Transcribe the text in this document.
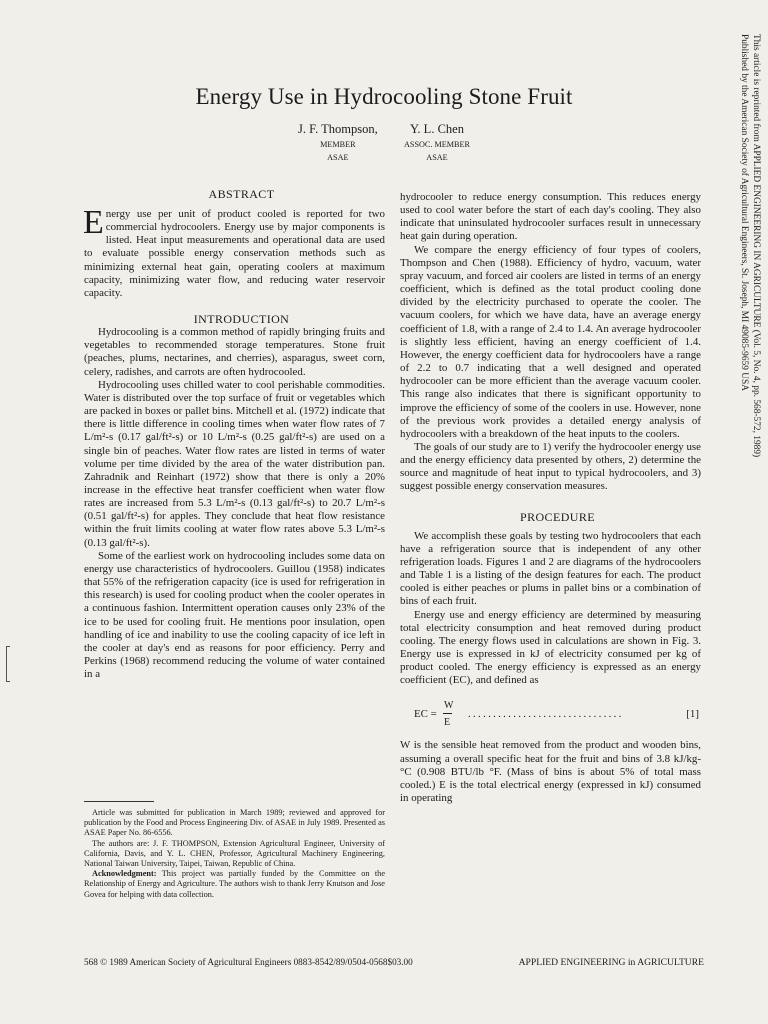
Energy Use in Hydrocooling Stone Fruit
J. F. Thompson,
MEMBER
ASAE
Y. L. Chen
ASSOC. MEMBER
ASAE

ABSTRACT

Energy use per unit of product cooled is reported for two commercial hydrocoolers. Energy use by major components is listed. Heat input measurements and operational data are used to evaluate possible energy conservation methods such as minimizing external heat gain, operating coolers at maximum capacity, minimizing water flow, and reducing water reservoir capacity.

INTRODUCTION

Hydrocooling is a common method of rapidly bringing fruits and vegetables to recommended storage temperatures. Stone fruit (peaches, plums, nectarines, and cherries), asparagus, sweet corn, celery, radishes, and carrots are often hydrocooled.

Hydrocooling uses chilled water to cool perishable commodities. Water is distributed over the top surface of fruit or vegetables which are packed in boxes or pallet bins. Mitchell et al. (1972) indicate that there is little difference in cooling times when water flow rates of 7 L/m²-s (0.17 gal/ft²-s) or 10 L/m²-s (0.25 gal/ft²-s) are used on a single bin of peaches. Water flow rates are listed in terms of water volume per time divided by the area of the water distribution pan. Zahradnik and Reinhart (1972) show that there is only a 20% increase in the effective heat transfer coefficient when water flow rates are increased from 5.3 L/m²-s (0.13 gal/ft²-s) to 20.7 L/m²-s (0.51 gal/ft²-s) for apples. They conclude that heat flow resistance within the fruit limits cooling at water flow rates above 5.3 L/m²-s (0.13 gal/ft²-s).

Some of the earliest work on hydrocooling includes some data on energy use characteristics of hydrocoolers. Guillou (1958) indicates that 55% of the refrigeration capacity (ice is used for refrigeration in this research) is used for cooling product when the cooler operates in a continuous fashion. Intermittent operation causes only 23% of the ice to be used for cooling fruit. He mentions poor insulation, open handling of ice and inability to use the cooling capacity of ice left in the cooler at day's end as reasons for poor efficiency. Perry and Perkins (1968) recommend reducing the volume of water contained in a

Article was submitted for publication in March 1989; reviewed and approved for publication by the Food and Process Engineering Div. of ASAE in July 1989. Presented as ASAE Paper No. 86-6556.

The authors are: J. F. THOMPSON, Extension Agricultural Engineer, University of California, Davis, and Y. L. CHEN, Professor, Agricultural Machinery Engineering, National Taiwan University, Taipei, Taiwan, Republic of China.

Acknowledgment: This project was partially funded by the Committee on the Relationship of Energy and Agriculture. The authors wish to thank Jerry Knutson and Jose Govea for helping with data collection.

hydrocooler to reduce energy consumption. This reduces energy used to cool water before the start of each day's cooling. They also indicate that uninsulated hydrocooler surfaces result in unnecessary heat gain during operation.

We compare the energy efficiency of four types of coolers, Thompson and Chen (1988). Efficiency of hydro, vacuum, water spray vacuum, and forced air coolers are listed in terms of an energy coefficient, which is defined as the total product cooling done divided by the electricity purchased to operate the cooler. The vacuum coolers, for which we have data, have an average energy coefficient of 1.8, with a range of 2.4 to 1.4. An average hydrocooler is slightly less efficient, having an energy coefficient of 1.4. However, the energy coefficient data for hydrocoolers have a range of 2.2 to 0.7 indicating that a well designed and operated hydrocooler can be more efficient than the average vacuum cooler. This range also indicates that there is significant opportunity to improve the efficiency of some of the coolers in use. However, none of the previous work provides a detailed energy analysis of hydrocoolers with a breakdown of the heat inputs to the coolers.

The goals of our study are to 1) verify the hydrocooler energy use and the energy efficiency data presented by others, 2) determine the source and magnitude of heat input to typical hydrocoolers, and 3) suggest possible energy conservation measures.

PROCEDURE

We accomplish these goals by testing two hydrocoolers that each have a refrigeration source that is independent of any other refrigeration loads. Figures 1 and 2 are diagrams of the hydrocoolers and Table 1 is a listing of the design features for each. The product cooled is either peaches or plums in pallet bins or a combination of bins of each fruit.

Energy use and energy efficiency are determined by measuring total electricity consumption and heat removed during product cooling. The energy flows used in calculations are shown in Fig. 3. Energy use is expressed in kJ of electricity consumed per kg of product cooled. The energy efficiency is expressed as an energy coefficient (EC), and defined as

EC =
W
E
...............................	[1]

W is the sensible heat removed from the product and wooden bins, assuming a overall specific heat for the fruit and bins of 3.8 kJ/kg-°C (0.908 BTU/lb °F. (Mass of bins is about 5% of total mass cooled.) E is the total electrical energy (expressed in kJ) consumed in operating

568 © 1989 American Society of Agricultural Engineers 0883-8542/89/0504-0568$03.00	APPLIED ENGINEERING in AGRICULTURE
This article is reprinted from APPLIED ENGINEERING IN AGRICULTURE (Vol. 5, No. 4, pp. 568-572, 1989)
Published by the American Society of Agricultural Engineers, St. Joseph, MI 49085-9659 USA
